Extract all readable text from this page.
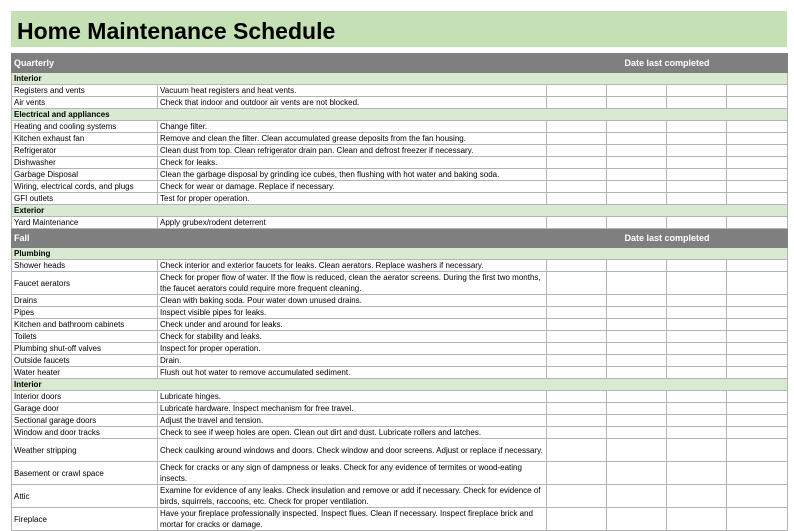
Home Maintenance Schedule
Quarterly		Date last completed			
Interior					
Registers and vents	Vacuum heat registers and heat vents.				
Air vents	Check that indoor and outdoor air vents are not blocked.				
Electrical and appliances					
Heating and cooling systems	Change filter.				
Kitchen exhaust fan	Remove and clean the filter. Clean accumulated grease deposits from the fan housing.				
Refrigerator	Clean dust from top. Clean refrigerator drain pan. Clean and defrost freezer if necessary.				
Dishwasher	Check for leaks.				
Garbage Disposal	Clean the garbage disposal by grinding ice cubes, then flushing with hot water and baking soda.				
Wiring, electrical cords, and plugs	Check for wear or damage. Replace if necessary.				
GFI outlets	Test for proper operation.				
Exterior					
Yard Maintenance	Apply grubex/rodent deterrent				
Fall		Date last completed			
Plumbing					
Shower heads	Check interior and exterior faucets for leaks. Clean aerators. Replace washers if necessary.				
Faucet aerators	Check for proper flow of water. If the flow is reduced, clean the aerator screens. During the first two months, the faucet aerators could require more frequent cleaning.				
Drains	Clean with baking soda. Pour water down unused drains.				
Pipes	Inspect visible pipes for leaks.				
Kitchen and bathroom cabinets	Check under and around for leaks.				
Toilets	Check for stability and leaks.				
Plumbing shut-off valves	Inspect for proper operation.				
Outside faucets	Drain.				
Water heater	Flush out hot water to remove accumulated sediment.				
Interior					
Interior doors	Lubricate hinges.				
Garage door	Lubricate hardware. Inspect mechanism for free travel.				
Sectional garage doors	Adjust the travel and tension.				
Window and door tracks	Check to see if weep holes are open. Clean out dirt and dust. Lubricate rollers and latches.				
Weather stripping	Check caulking around windows and doors. Check window and door screens. Adjust or replace if necessary.				
Basement or crawl space	Check for cracks or any sign of dampness or leaks. Check for any evidence of termites or wood-eating insects.				
Attic	Examine for evidence of any leaks. Check insulation and remove or add if necessary. Check for evidence of birds, squirrels, raccoons, etc. Check for proper ventilation.				
Fireplace	Have your fireplace professionally inspected. Inspect flues. Clean if necessary. Inspect fireplace brick and mortar for cracks or damage.				
